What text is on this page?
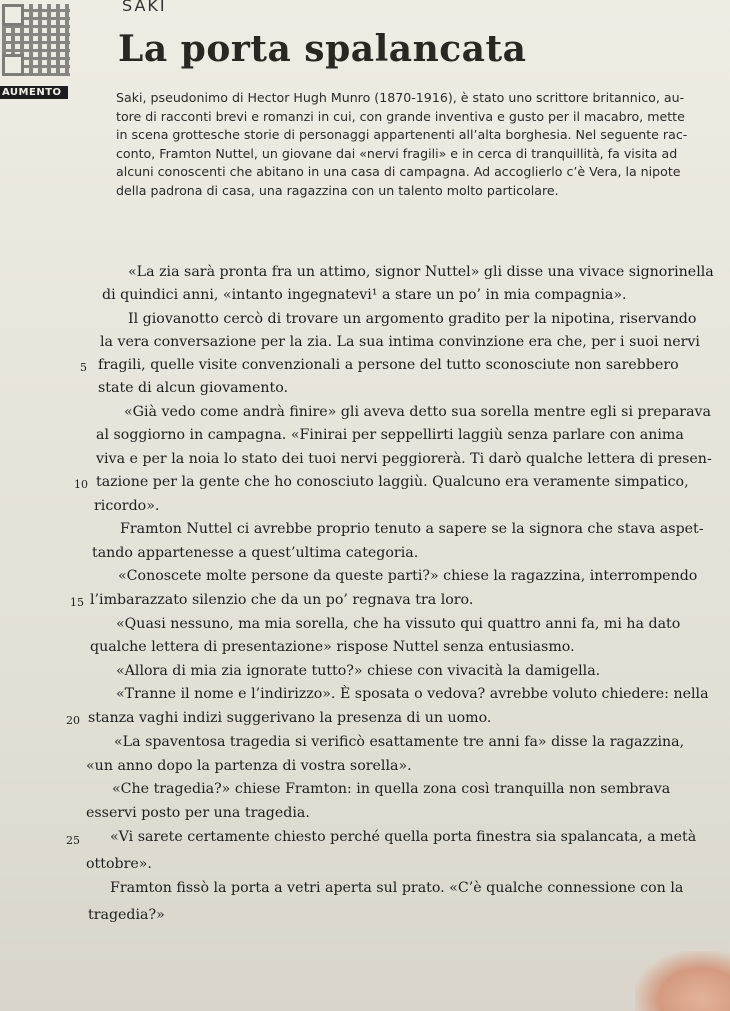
SAKI
La porta spalancata
AUMENTO	Saki, pseudonimo di Hector Hugh Munro (1870-1916), è stato uno scrittore britannico, au-
tore di racconti brevi e romanzi in cui, con grande inventiva e gusto per il macabro, mette
in scena grottesche storie di personaggi appartenenti all’alta borghesia. Nel seguente rac-
conto, Framton Nuttel, un giovane dai «nervi fragili» e in cerca di tranquillità, fa visita ad
alcuni conoscenti che abitano in una casa di campagna. Ad accoglierlo c’è Vera, la nipote
della padrona di casa, una ragazzina con un talento molto particolare.
«La zia sarà pronta fra un attimo, signor Nuttel» gli disse una vivace signorinella
di quindici anni, «intanto ingegnatevi¹ a stare un po’ in mia compagnia».
Il giovanotto cercò di trovare un argomento gradito per la nipotina, riservando
la vera conversazione per la zia. La sua intima convinzione era che, per i suoi nervi
5 fragili, quelle visite convenzionali a persone del tutto sconosciute non sarebbero
state di alcun giovamento.
«Già vedo come andrà finire» gli aveva detto sua sorella mentre egli si preparava
al soggiorno in campagna. «Finirai per seppellirti laggiù senza parlare con anima
viva e per la noia lo stato dei tuoi nervi peggiorerà. Ti darò qualche lettera di presen-
10 tazione per la gente che ho conosciuto laggiù. Qualcuno era veramente simpatico,
ricordo».
Framton Nuttel ci avrebbe proprio tenuto a sapere se la signora che stava aspet-
tando appartenesse a quest’ultima categoria.
«Conoscete molte persone da queste parti?» chiese la ragazzina, interrompendo
15 l’imbarazzato silenzio che da un po’ regnava tra loro.
«Quasi nessuno, ma mia sorella, che ha vissuto qui quattro anni fa, mi ha dato
qualche lettera di presentazione» rispose Nuttel senza entusiasmo.
«Allora di mia zia ignorate tutto?» chiese con vivacità la damigella.
«Tranne il nome e l’indirizzo». È sposata o vedova? avrebbe voluto chiedere: nella
20 stanza vaghi indizi suggerivano la presenza di un uomo.
«La spaventosa tragedia si verificò esattamente tre anni fa» disse la ragazzina,
«un anno dopo la partenza di vostra sorella».
«Che tragedia?» chiese Framton: in quella zona così tranquilla non sembrava
esservi posto per una tragedia.
25 «Vi sarete certamente chiesto perché quella porta finestra sia spalancata, a metà
ottobre».
Framton fissò la porta a vetri aperta sul prato. «C’è qualche connessione con la
tragedia?»
